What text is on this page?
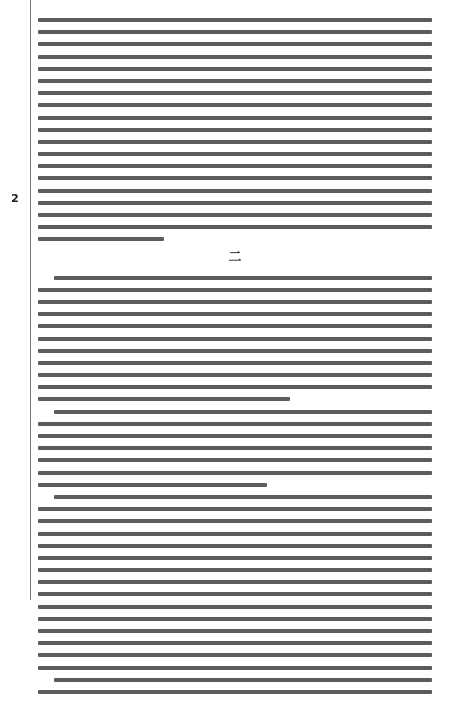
2
二
